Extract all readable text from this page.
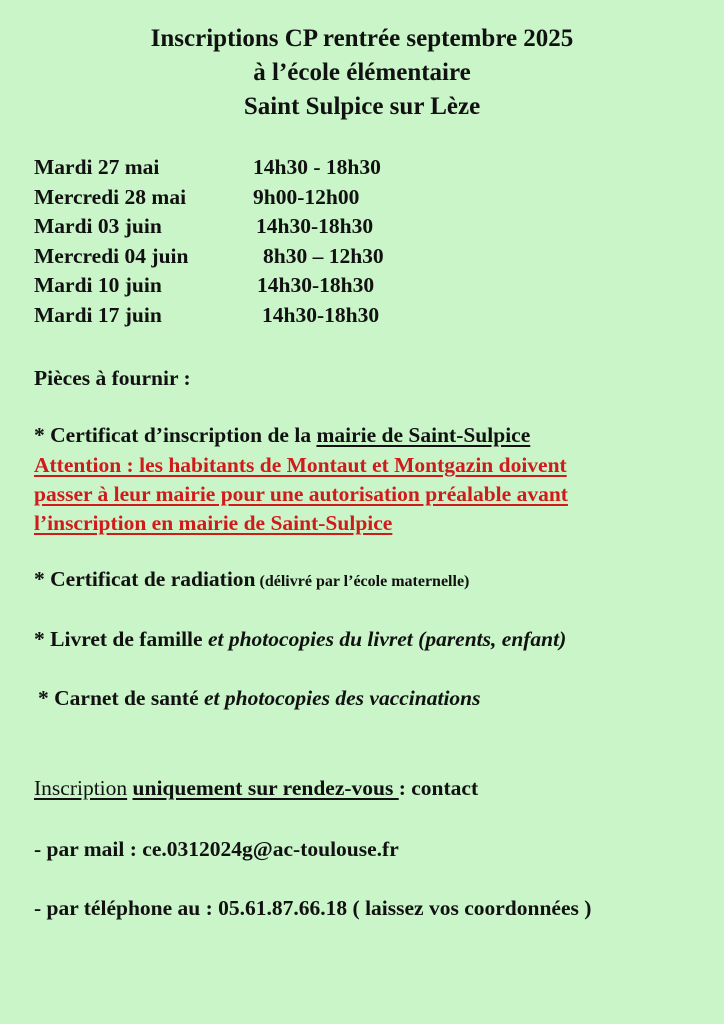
Inscriptions CP rentrée septembre 2025
à l’école élémentaire
Saint Sulpice sur Lèze
Mardi 27 mai	14h30 - 18h30
Mercredi 28 mai	9h00-12h00
Mardi 03 juin	14h30-18h30
Mercredi 04 juin	8h30 – 12h30
Mardi 10 juin	14h30-18h30
Mardi 17 juin	14h30-18h30
Pièces à fournir :
* Certificat d’inscription de la mairie de Saint-Sulpice
Attention : les habitants de Montaut et Montgazin doivent
passer à leur mairie pour une autorisation préalable avant
l’inscription en mairie de Saint-Sulpice
* Certificat de radiation (délivré par l’école maternelle)
* Livret de famille et photocopies du livret (parents, enfant)
* Carnet de santé et photocopies des vaccinations
Inscription uniquement sur rendez-vous : contact
- par mail : ce.0312024g@ac-toulouse.fr
- par téléphone au : 05.61.87.66.18 ( laissez vos coordonnées )
